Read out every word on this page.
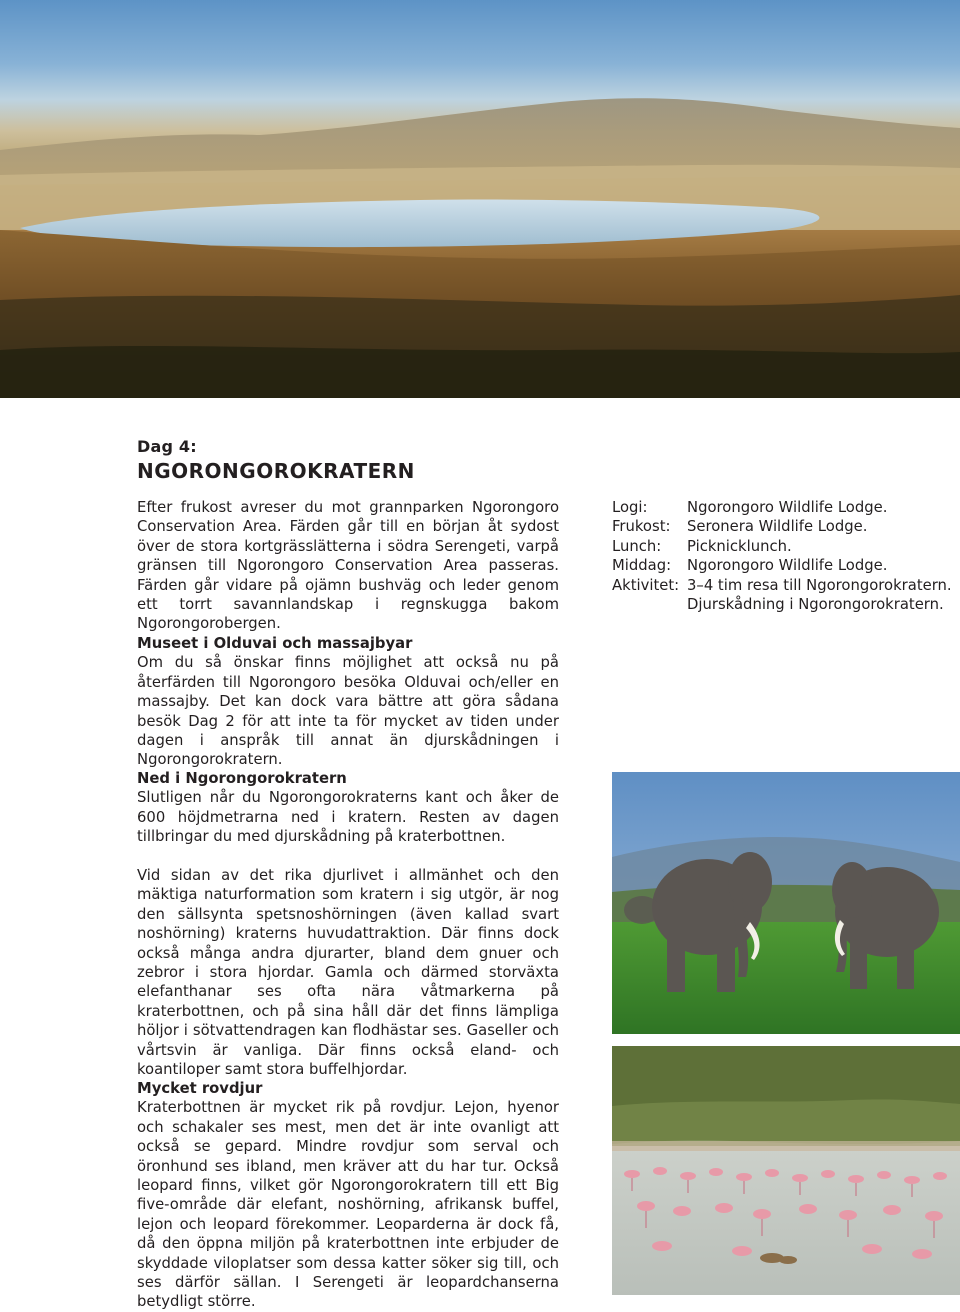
Dag 4:
NGORONGOROKRATERN

Efter frukost avreser du mot grannparken Ngorongoro Conservation Area. Färden går till en början åt sydost över de stora kortgrässlätterna i södra Serengeti, varpå gränsen till Ngorongoro Conservation Area passeras. Färden går vidare på ojämn bushväg och leder genom ett torrt savannlandskap i regnskugga bakom Ngorongorobergen.

Logi:	Ngorongoro Wildlife Lodge.
Frukost:	Seronera Wildlife Lodge.
Lunch:	Picknicklunch.
Middag:	Ngorongoro Wildlife Lodge.
Aktivitet: 3–4 tim resa till Ngorongorokratern.
Djurskådning i Ngorongorokratern.
Museet i Olduvai och massajbyar

Om du så önskar finns möjlighet att också nu på återfärden till Ngorongoro besöka Olduvai och/eller en massajby. Det kan dock vara bättre att göra sådana besök Dag 2 för att inte ta för mycket av tiden under dagen i anspråk till annat än djurskådningen i Ngorongorokratern.

Ned i Ngorongorokratern

Slutligen når du Ngorongorokraterns kant och åker de 600 höjdmetrarna ned i kratern. Resten av dagen tillbringar du med djurskådning på kraterbottnen.

Vid sidan av det rika djurlivet i allmänhet och den mäktiga naturformation som kratern i sig utgör, är nog den sällsynta spetsnoshörningen (även kallad svart noshörning) kraterns huvudattraktion. Där finns dock också många andra djurarter, bland dem gnuer och zebror i stora hjordar. Gamla och därmed storväxta elefanthanar ses ofta nära våtmarkerna på kraterbottnen, och på sina håll där det finns lämpliga höljor i sötvattendragen kan flodhästar ses. Gaseller och vårtsvin är vanliga. Där finns också eland- och koantiloper samt stora buffelhjordar.

Mycket rovdjur

Kraterbottnen är mycket rik på rovdjur. Lejon, hyenor och schakaler ses mest, men det är inte ovanligt att också se gepard. Mindre rovdjur som serval och öronhund ses ibland, men kräver att du har tur. Också leopard finns, vilket gör Ngorongorokratern till ett Big five-område där elefant, noshörning, afrikansk buffel, lejon och leopard förekommer. Leoparderna är dock få, då den öppna miljön på kraterbottnen inte erbjuder de skyddade viloplatser som dessa katter söker sig till, och ses därför sällan. I Serengeti är leopardchanserna betydligt större.
